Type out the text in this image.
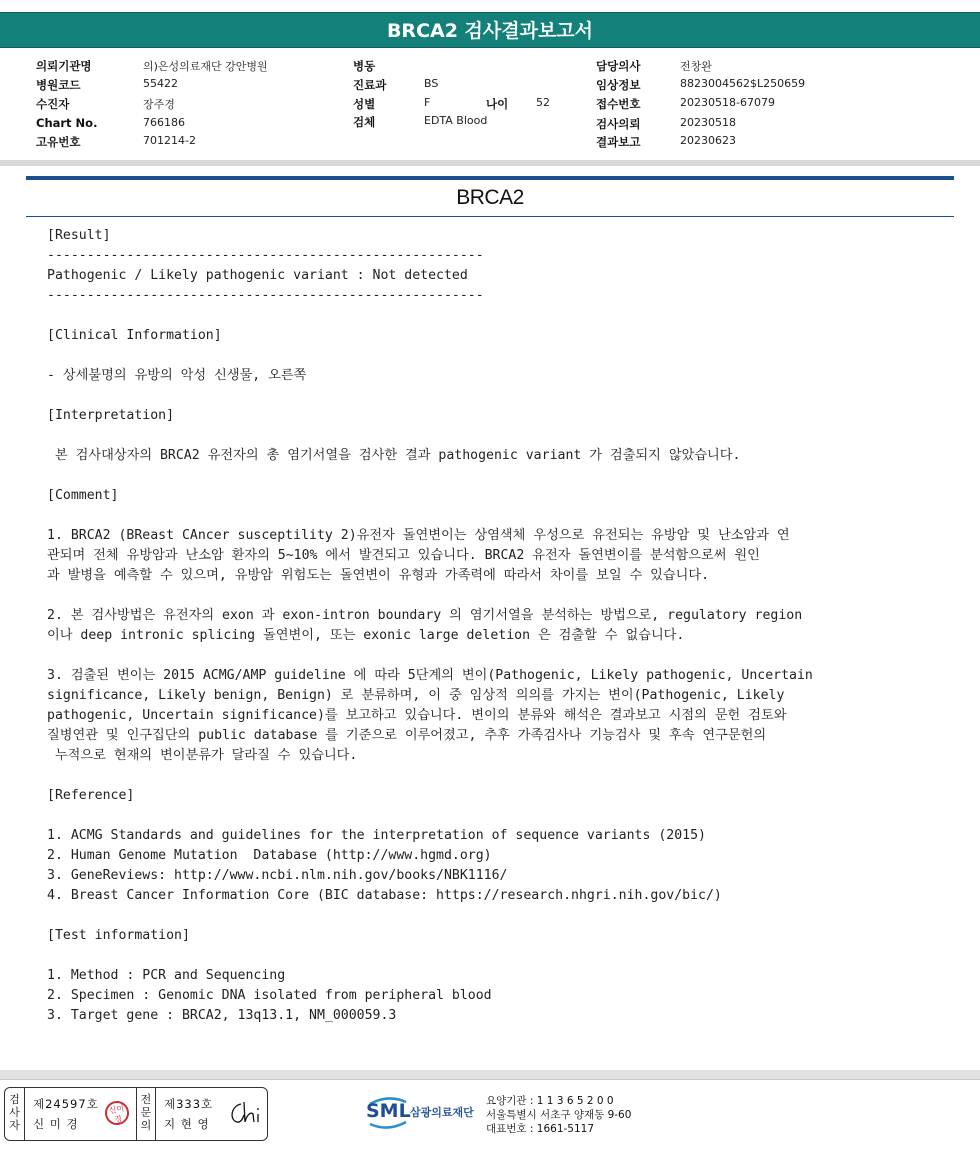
BRCA2 검사결과보고서
의뢰기관명	의)은성의료재단 강안병원
병원코드	55422
수진자	장주경
Chart No.	766186
고유번호	701214-2
병동
진료과	BS
성별	F	나이	52
검체	EDTA Blood
담당의사	전창완
임상정보	8823004562$L250659
접수번호	20230518-67079
검사의뢰	20230518
결과보고	20230623
BRCA2
[Result]
-------------------------------------------------------
Pathogenic / Likely pathogenic variant : Not detected
-------------------------------------------------------
[Clinical Information]
- 상세불명의 유방의 악성 신생물, 오른쪽
[Interpretation]
본 검사대상자의 BRCA2 유전자의 총 염기서열을 검사한 결과 pathogenic variant 가 검출되지 않았습니다.
[Comment]
1. BRCA2 (BReast CAncer susceptility 2)유전자 돌연변이는 상염색체 우성으로 유전되는 유방암 및 난소암과 연
관되며 전체 유방암과 난소암 환자의 5~10% 에서 발견되고 있습니다. BRCA2 유전자 돌연변이를 분석함으로써 원인
과 발병을 예측할 수 있으며, 유방암 위험도는 돌연변이 유형과 가족력에 따라서 차이를 보일 수 있습니다.
2. 본 검사방법은 유전자의 exon 과 exon-intron boundary 의 염기서열을 분석하는 방법으로, regulatory region
이나 deep intronic splicing 돌연변이, 또는 exonic large deletion 은 검출할 수 없습니다.
3. 검출된 변이는 2015 ACMG/AMP guideline 에 따라 5단계의 변이(Pathogenic, Likely pathogenic, Uncertain
significance, Likely benign, Benign) 로 분류하며, 이 중 임상적 의의를 가지는 변이(Pathogenic, Likely
pathogenic, Uncertain significance)를 보고하고 있습니다. 변이의 분류와 해석은 결과보고 시점의 문헌 검토와
질병연관 및 인구집단의 public database 를 기준으로 이루어졌고, 추후 가족검사나 기능검사 및 후속 연구문헌의
누적으로 현재의 변이분류가 달라질 수 있습니다.
[Reference]
1. ACMG Standards and guidelines for the interpretation of sequence variants (2015)
2. Human Genome Mutation  Database (http://www.hgmd.org)
3. GeneReviews: http://www.ncbi.nlm.nih.gov/books/NBK1116/
4. Breast Cancer Information Core (BIC database: https://research.nhgri.nih.gov/bic/)
[Test information]
1. Method : PCR and Sequencing
2. Specimen : Genomic DNA isolated from peripheral blood
3. Target gene : BRCA2, 13q13.1, NM_000059.3
검사자
제24597호
신 미 경
신미경
전문의
제333호
지 현 영
SML 삼광의료재단
요양기관 : 1 1 3 6 5 2 0 0
서울특별시 서초구 양재동 9-60
대표번호 : 1661-5117
